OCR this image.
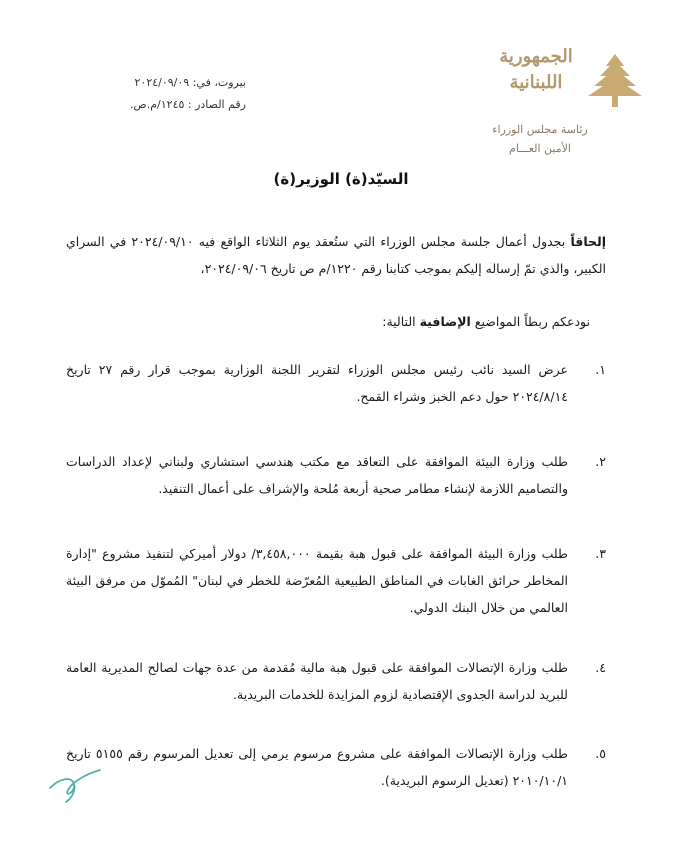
بيروت، في: ٢٠٢٤/٠٩/٠٩
رقم الصادر : ١٢٤٥/م.ص.
الجمهورية
اللبنانية
رئاسة مجلس الوزراء
الأمين العـــام
السيّد(ة) الوزير(ة)
إلحاقاً بجدول أعمال جلسة مجلس الوزراء التي ستُعقد يوم الثلاثاء الواقع فيه ٢٠٢٤/٠٩/١٠ في السراي الكبير، والذي تمّ إرساله إليكم بموجب كتابنا رقم ١٢٢٠/م ص تاريخ ٢٠٢٤/٠٩/٠٦،
نودعكم ربطاً المواضيع الإضافية التالية:
١.
عرض السيد نائب رئيس مجلس الوزراء لتقرير اللجنة الوزارية بموجب قرار رقم ٢٧ تاريخ ٢٠٢٤/٨/١٤ حول دعم الخبز وشراء القمح.
٢.
طلب وزارة البيئة الموافقة على التعاقد مع مكتب هندسي استشاري ولبناني لإعداد الدراسات والتصاميم اللازمة لإنشاء مطامر صحية أربعة مُلحة والإشراف على أعمال التنفيذ.
٣.
طلب وزارة البيئة الموافقة على قبول هبة بقيمة ٣,٤٥٨,٠٠٠/ دولار أميركي لتنفيذ مشروع "إدارة المخاطر حرائق الغابات في المناطق الطبيعية المُعرّضة للخطر في لبنان" المُموّل من مرفق البيئة العالمي من خلال البنك الدولي.
٤.
طلب وزارة الإتصالات الموافقة على قبول هبة مالية مُقدمة من عدة جهات لصالح المديرية العامة للبريد لدراسة الجدوى الإقتصادية لزوم المزايدة للخدمات البريدية.
٥.
طلب وزارة الإتصالات الموافقة على مشروع مرسوم يرمي إلى تعديل المرسوم رقم ٥١٥٥ تاريخ ٢٠١٠/١٠/١ (تعديل الرسوم البريدية).
